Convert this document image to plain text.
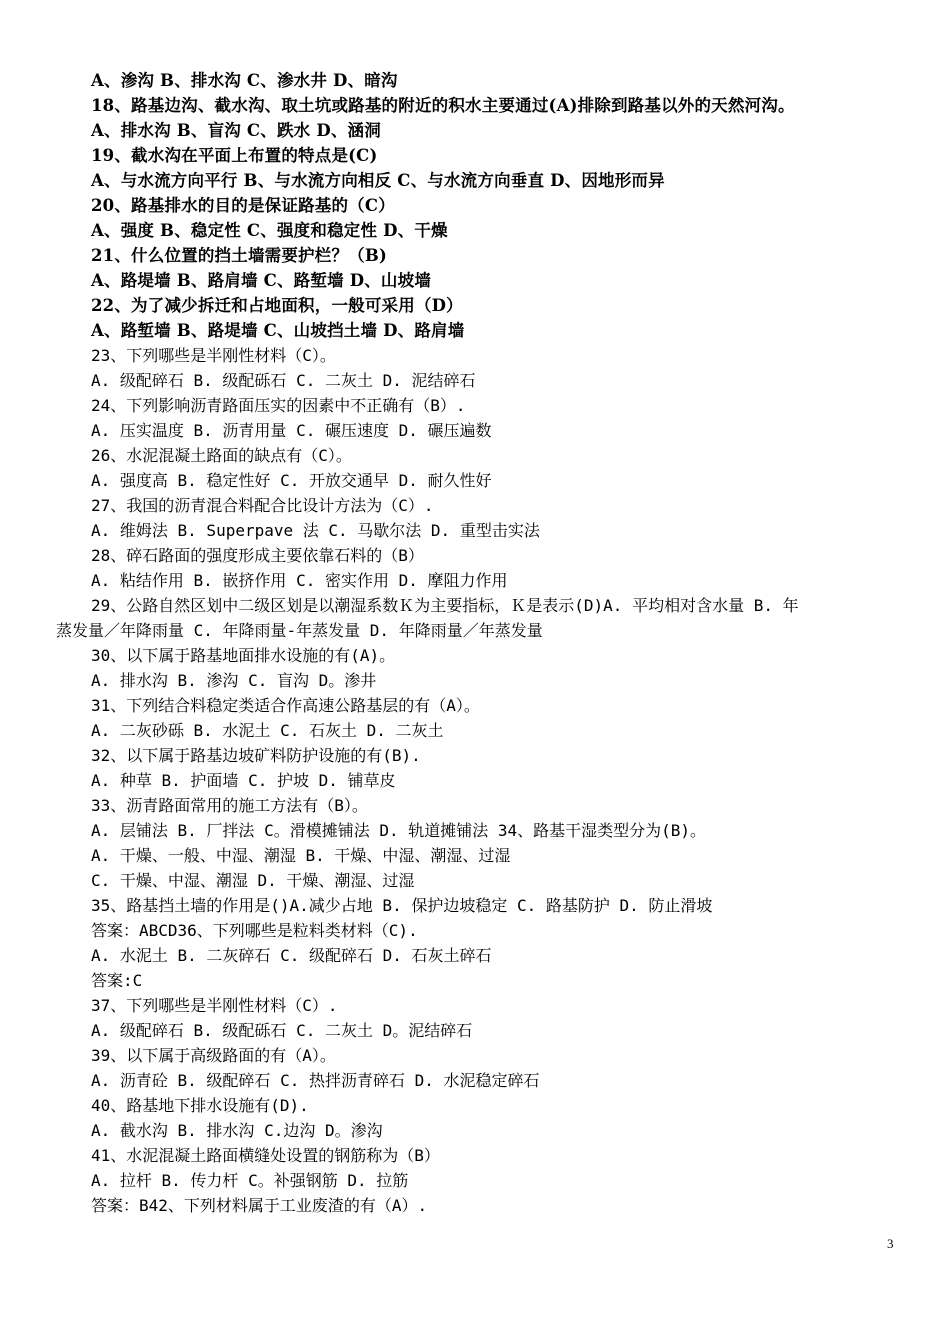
A、渗沟 B、排水沟 C、渗水井 D、暗沟
18、路基边沟、截水沟、取土坑或路基的附近的积水主要通过(A)排除到路基以外的天然河沟。
A、排水沟 B、盲沟 C、跌水 D、涵洞
19、截水沟在平面上布置的特点是(C)
A、与水流方向平行 B、与水流方向相反 C、与水流方向垂直 D、因地形而异
20、路基排水的目的是保证路基的（C）
A、强度 B、稳定性 C、强度和稳定性 D、干燥
21、什么位置的挡土墙需要护栏？（B)
A、路堤墙 B、路肩墙 C、路堑墙 D、山坡墙
22、为了减少拆迁和占地面积，一般可采用（D）
A、路堑墙 B、路堤墙 C、山坡挡土墙 D、路肩墙
23、下列哪些是半刚性材料（C）。
A. 级配碎石 B. 级配砾石 C. 二灰土 D. 泥结碎石
24、下列影响沥青路面压实的因素中不正确有（B）.
A. 压实温度 B. 沥青用量 C. 碾压速度 D. 碾压遍数
26、水泥混凝土路面的缺点有（C）。
A. 强度高 B. 稳定性好 C. 开放交通早 D. 耐久性好
27、我国的沥青混合料配合比设计方法为（C）.
A. 维姆法 B. Superpave 法 C. 马歇尔法 D. 重型击实法
28、碎石路面的强度形成主要依靠石料的（B）
A. 粘结作用 B. 嵌挤作用 C. 密实作用 D. 摩阻力作用
29、公路自然区划中二级区划是以潮湿系数Ｋ为主要指标，Ｋ是表示(D)A. 平均相对含水量 B. 年
蒸发量／年降雨量 C. 年降雨量-年蒸发量 D. 年降雨量／年蒸发量
30、以下属于路基地面排水设施的有(A)。
A. 排水沟 B. 渗沟 C. 盲沟 D。渗井
31、下列结合料稳定类适合作高速公路基层的有（A）。
A. 二灰砂砾 B. 水泥土 C. 石灰土 D. 二灰土
32、以下属于路基边坡矿料防护设施的有(B).
A. 种草 B. 护面墙 C. 护坡 D. 铺草皮
33、沥青路面常用的施工方法有（B）。
A. 层铺法 B. 厂拌法 C。滑模摊铺法 D. 轨道摊铺法 34、路基干湿类型分为(B)。
A. 干燥、一般、中湿、潮湿 B. 干燥、中湿、潮湿、过湿
C. 干燥、中湿、潮湿 D. 干燥、潮湿、过湿
35、路基挡土墙的作用是()A.减少占地 B. 保护边坡稳定 C. 路基防护 D. 防止滑坡
答案：ABCD36、下列哪些是粒料类材料（C).
A. 水泥土 B. 二灰碎石 C. 级配碎石 D. 石灰土碎石
答案:C
37、下列哪些是半刚性材料（C）.
A. 级配碎石 B. 级配砾石 C. 二灰土 D。泥结碎石
39、以下属于高级路面的有（A）。
A. 沥青砼 B. 级配碎石 C. 热拌沥青碎石 D. 水泥稳定碎石
40、路基地下排水设施有(D).
A. 截水沟 B. 排水沟 C.边沟 D。渗沟
41、水泥混凝土路面横缝处设置的钢筋称为（B）
A. 拉杆 B. 传力杆 C。补强钢筋 D. 拉筋
答案：B42、下列材料属于工业废渣的有（A）.
3
